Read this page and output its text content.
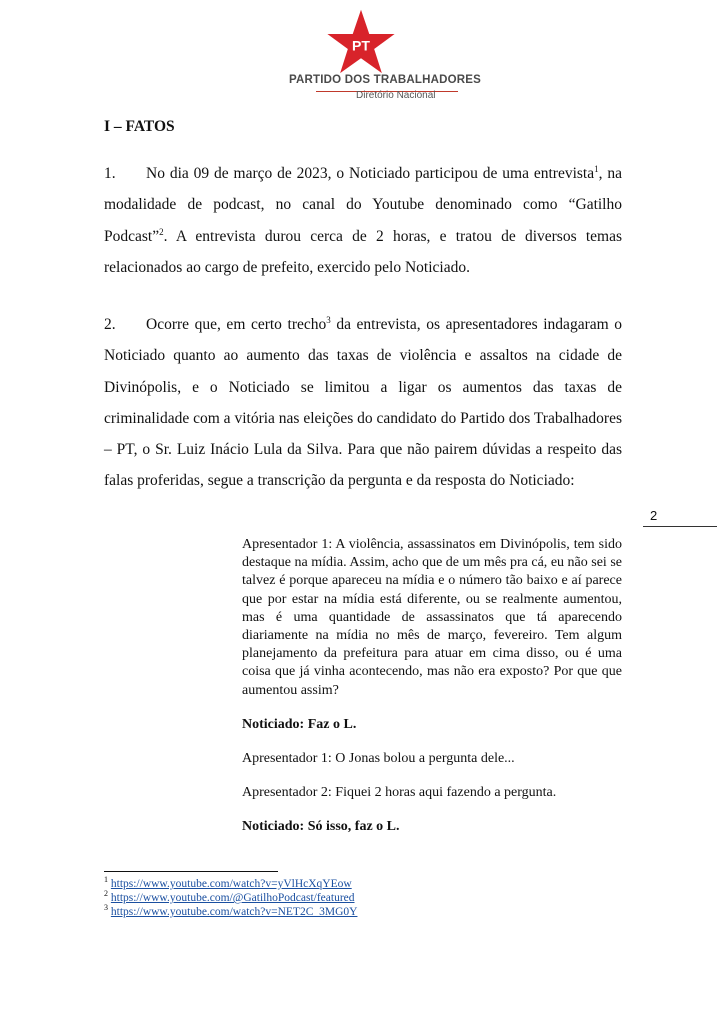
PT
PARTIDO DOS TRABALHADORES
Diretório Nacional
I – FATOS

1. No dia 09 de março de 2023, o Noticiado participou de uma entrevista$^1$, na modalidade de podcast, no canal do Youtube denominado como “Gatilho Podcast”$^2$. A entrevista durou cerca de 2 horas, e tratou de diversos temas relacionados ao cargo de prefeito, exercido pelo Noticiado.

2. Ocorre que, em certo trecho$^3$ da entrevista, os apresentadores indagaram o Noticiado quanto ao aumento das taxas de violência e assaltos na cidade de Divinópolis, e o Noticiado se limitou a ligar os aumentos das taxas de criminalidade com a vitória nas eleições do candidato do Partido dos Trabalhadores – PT, o Sr. Luiz Inácio Lula da Silva. Para que não pairem dúvidas a respeito das falas proferidas, segue a transcrição da pergunta e da resposta do Noticiado:

2

Apresentador 1: A violência, assassinatos em Divinópolis, tem sido destaque na mídia. Assim, acho que de um mês pra cá, eu não sei se talvez é porque apareceu na mídia e o número tão baixo e aí parece que por estar na mídia está diferente, ou se realmente aumentou, mas é uma quantidade de assassinatos que tá aparecendo diariamente na mídia no mês de março, fevereiro. Tem algum planejamento da prefeitura para atuar em cima disso, ou é uma coisa que já vinha acontecendo, mas não era exposto? Por que que aumentou assim?

Noticiado: Faz o L.

Apresentador 1: O Jonas bolou a pergunta dele...

Apresentador 2: Fiquei 2 horas aqui fazendo a pergunta.

Noticiado: Só isso, faz o L.

$^1$ https://www.youtube.com/watch?v=yVlHcXqYEow
$^2$ https://www.youtube.com/@GatilhoPodcast/featured
$^3$ https://www.youtube.com/watch?v=NET2C_3MG0Y
